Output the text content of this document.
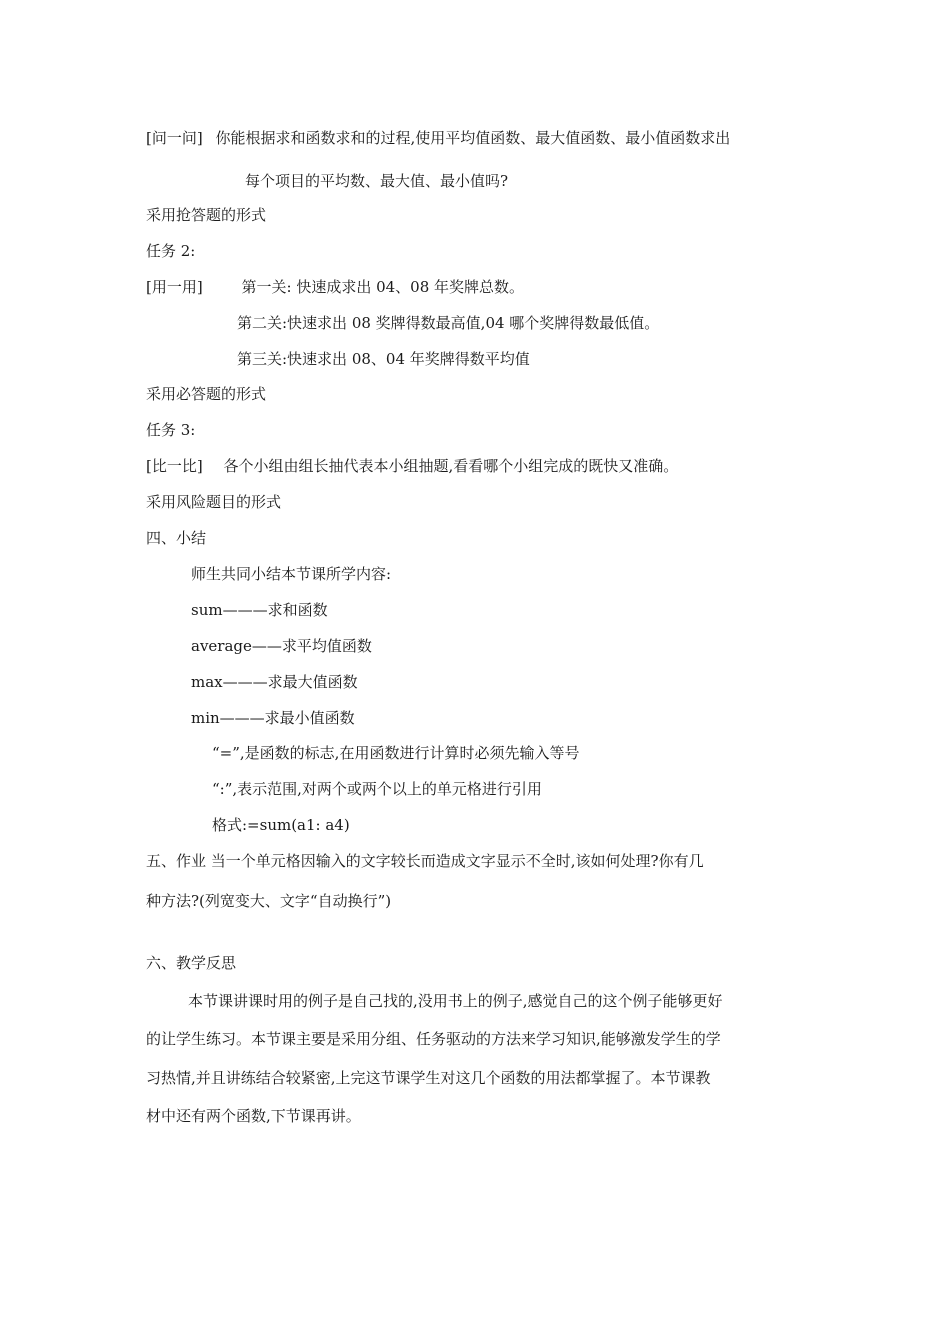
[问一问] 你能根据求和函数求和的过程,使用平均值函数、最大值函数、最小值函数求出
每个项目的平均数、最大值、最小值吗?
采用抢答题的形式
任务 2:
[用一用]	第一关: 快速成求出 04、08 年奖牌总数。
第二关:快速求出 08 奖牌得数最高值,04 哪个奖牌得数最低值。
第三关:快速求出 08、04 年奖牌得数平均值
采用必答题的形式
任务 3:
[比一比] 各个小组由组长抽代表本小组抽题,看看哪个小组完成的既快又准确。
采用风险题目的形式
四、小结
师生共同小结本节课所学内容:
sum———求和函数
average——求平均值函数
max———求最大值函数
min———求最小值函数
“=”,是函数的标志,在用函数进行计算时必须先输入等号
“:”,表示范围,对两个或两个以上的单元格进行引用
格式:=sum(a1: a4)
五、作业 当一个单元格因输入的文字较长而造成文字显示不全时,该如何处理?你有几
种方法?(列宽变大、文字“自动换行”)
六、教学反思
本节课讲课时用的例子是自己找的,没用书上的例子,感觉自己的这个例子能够更好
的让学生练习。本节课主要是采用分组、任务驱动的方法来学习知识,能够激发学生的学
习热情,并且讲练结合较紧密,上完这节课学生对这几个函数的用法都掌握了。本节课教
材中还有两个函数,下节课再讲。
